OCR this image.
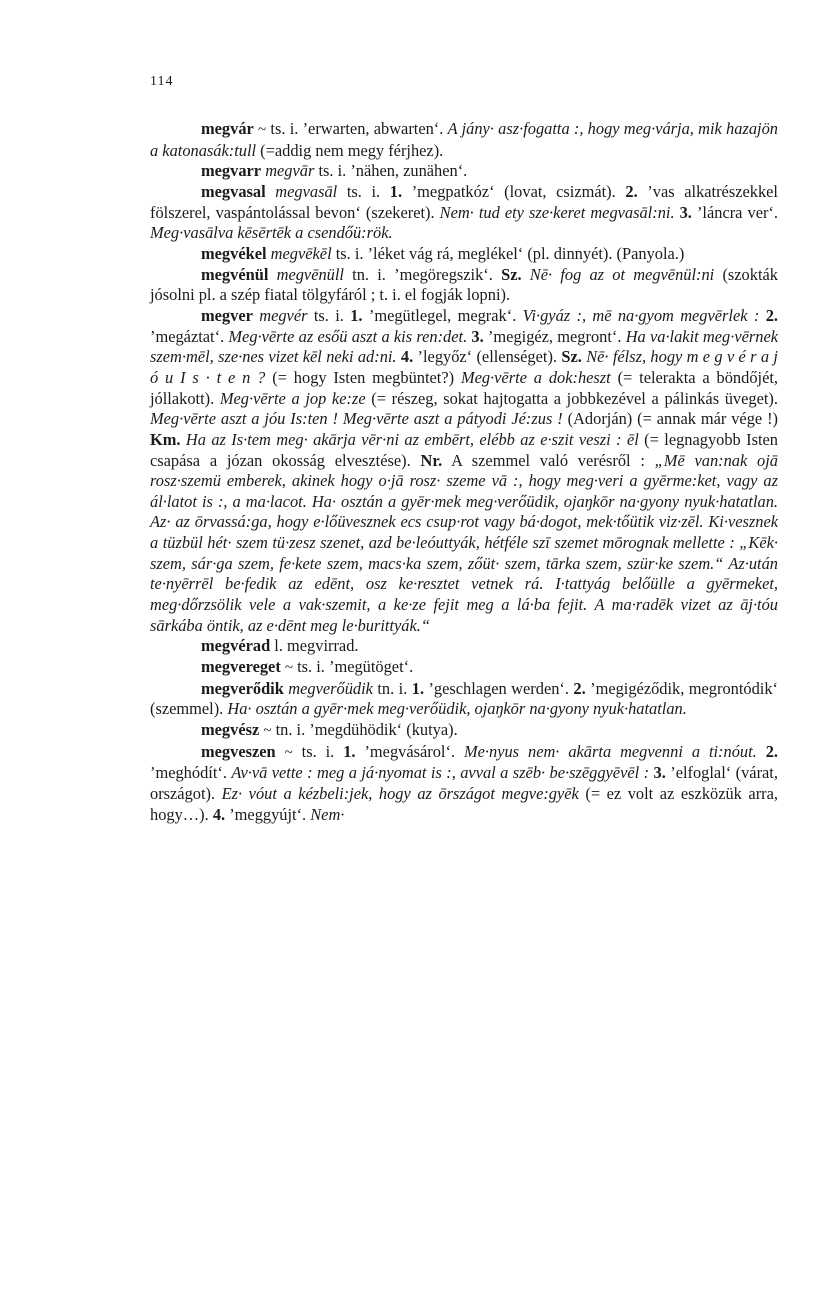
114

megvár ~ ts. i. ’erwarten, abwarten‘. A jány· asz·fogatta :, hogy meg·várja, mik hazajön a katonasák:tull (=addig nem megy férjhez).

megvarr megvār ts. i. ’nähen, zunähen‘.

megvasal megvasāl ts. i. 1. ’megpatkóz‘ (lovat, csizmát). 2. ’vas alkatrészekkel fölszerel, vaspántolással bevon‘ (szekeret). Nem· tud ety sze·keret megvasāl:ni. 3. ’láncra ver‘. Meg·vasālva kēsērtēk a csendőü:rök.

megvékel megvēkēl ts. i. ’léket vág rá, meglékel‘ (pl. dinnyét). (Panyola.)

megvénül megvēnüll tn. i. ’megöregszik‘. Sz. Nē· fog az ot megvēnül:ni (szokták jósolni pl. a szép fiatal tölgyfáról ; t. i. el fogják lopni).

megver megvér ts. i. 1. ’megütlegel, megrak‘. Vi·gyáz :, mē na·gyom megvērlek : 2. ’megáztat‘. Meg·vērte az esőü aszt a kis ren:det. 3. ’megigéz, megront‘. Ha va·lakit meg·vērnek szem·mēl, sze·nes vizet kēl neki ad:ni. 4. ’legyőz‘ (ellenséget). Sz. Nē· félsz, hogy m e g v é r a j ó u I s · t e n ? (= hogy Isten megbüntet?) Meg·vērte a dok:heszt (= telerakta a böndőjét, jóllakott). Meg·vērte a jop ke:ze (= részeg, sokat hajtogatta a jobbkezével a pálinkás üveget). Meg·vērte aszt a jóu Is:ten ! Meg·vērte aszt a pátyodi Jé:zus ! (Adorján) (= annak már vége !) Km. Ha az Is·tem meg· akārja vēr·ni az embērt, elébb az e·szit veszi : ēl (= legnagyobb Isten csapása a józan okosság elvesztése). Nr. A szemmel való verésről : „Mē van:nak ojā rosz·szemü emberek, akinek hogy o·jā rosz· szeme vā :, hogy meg·veri a gyērme:ket, vagy az ál·latot is :, a ma·lacot. Ha· osztán a gyēr·mek meg·verőüdik, ojaŋkōr na·gyony nyuk·hatatlan. Az· az ōrvassá:ga, hogy e·lőüvesznek ecs csup·rot vagy bá·dogot, mek·tőütik viz·zēl. Ki·vesznek a tüzbül hét· szem tü·zesz szenet, azd be·leóuttyák, hétféle szī szemet mōrognak mellette : „Kēk· szem, sár·ga szem, fe·kete szem, macs·ka szem, zőüt· szem, tārka szem, szür·ke szem.“ Az·után te·nyērrēl be·fedik az edēnt, osz ke·resztet vetnek rá. I·tattyág belőülle a gyērmeket, meg·dőrzsölik vele a vak·szemit, a ke·ze fejit meg a lá·ba fejit. A ma·radēk vizet az āj·tóu sārkába öntik, az e·dēnt meg le·burittyák.“

megvérad l. megvirrad.

megvereget ~ ts. i. ’megütöget‘.

megverődik megverőüdik tn. i. 1. ’geschlagen werden‘. 2. ’megigéződik, megrontódik‘ (szemmel). Ha· osztán a gyēr·mek meg·verőüdik, ojaŋkōr na·gyony nyuk·hatatlan.

megvész ~ tn. i. ’megdühödik‘ (kutya).

megveszen ~ ts. i. 1. ’megvásárol‘. Me·nyus nem· akārta megvenni a ti:nóut. 2. ’meghódít‘. Av·vā vette : meg a já·nyomat is :, avval a szēb· be·szēggyēvēl : 3. ’elfoglal‘ (várat, országot). Ez· vóut a kézbeli:jek, hogy az ōrszágot megve:gyēk (= ez volt az eszközük arra, hogy…). 4. ’meggyújt‘. Nem·
